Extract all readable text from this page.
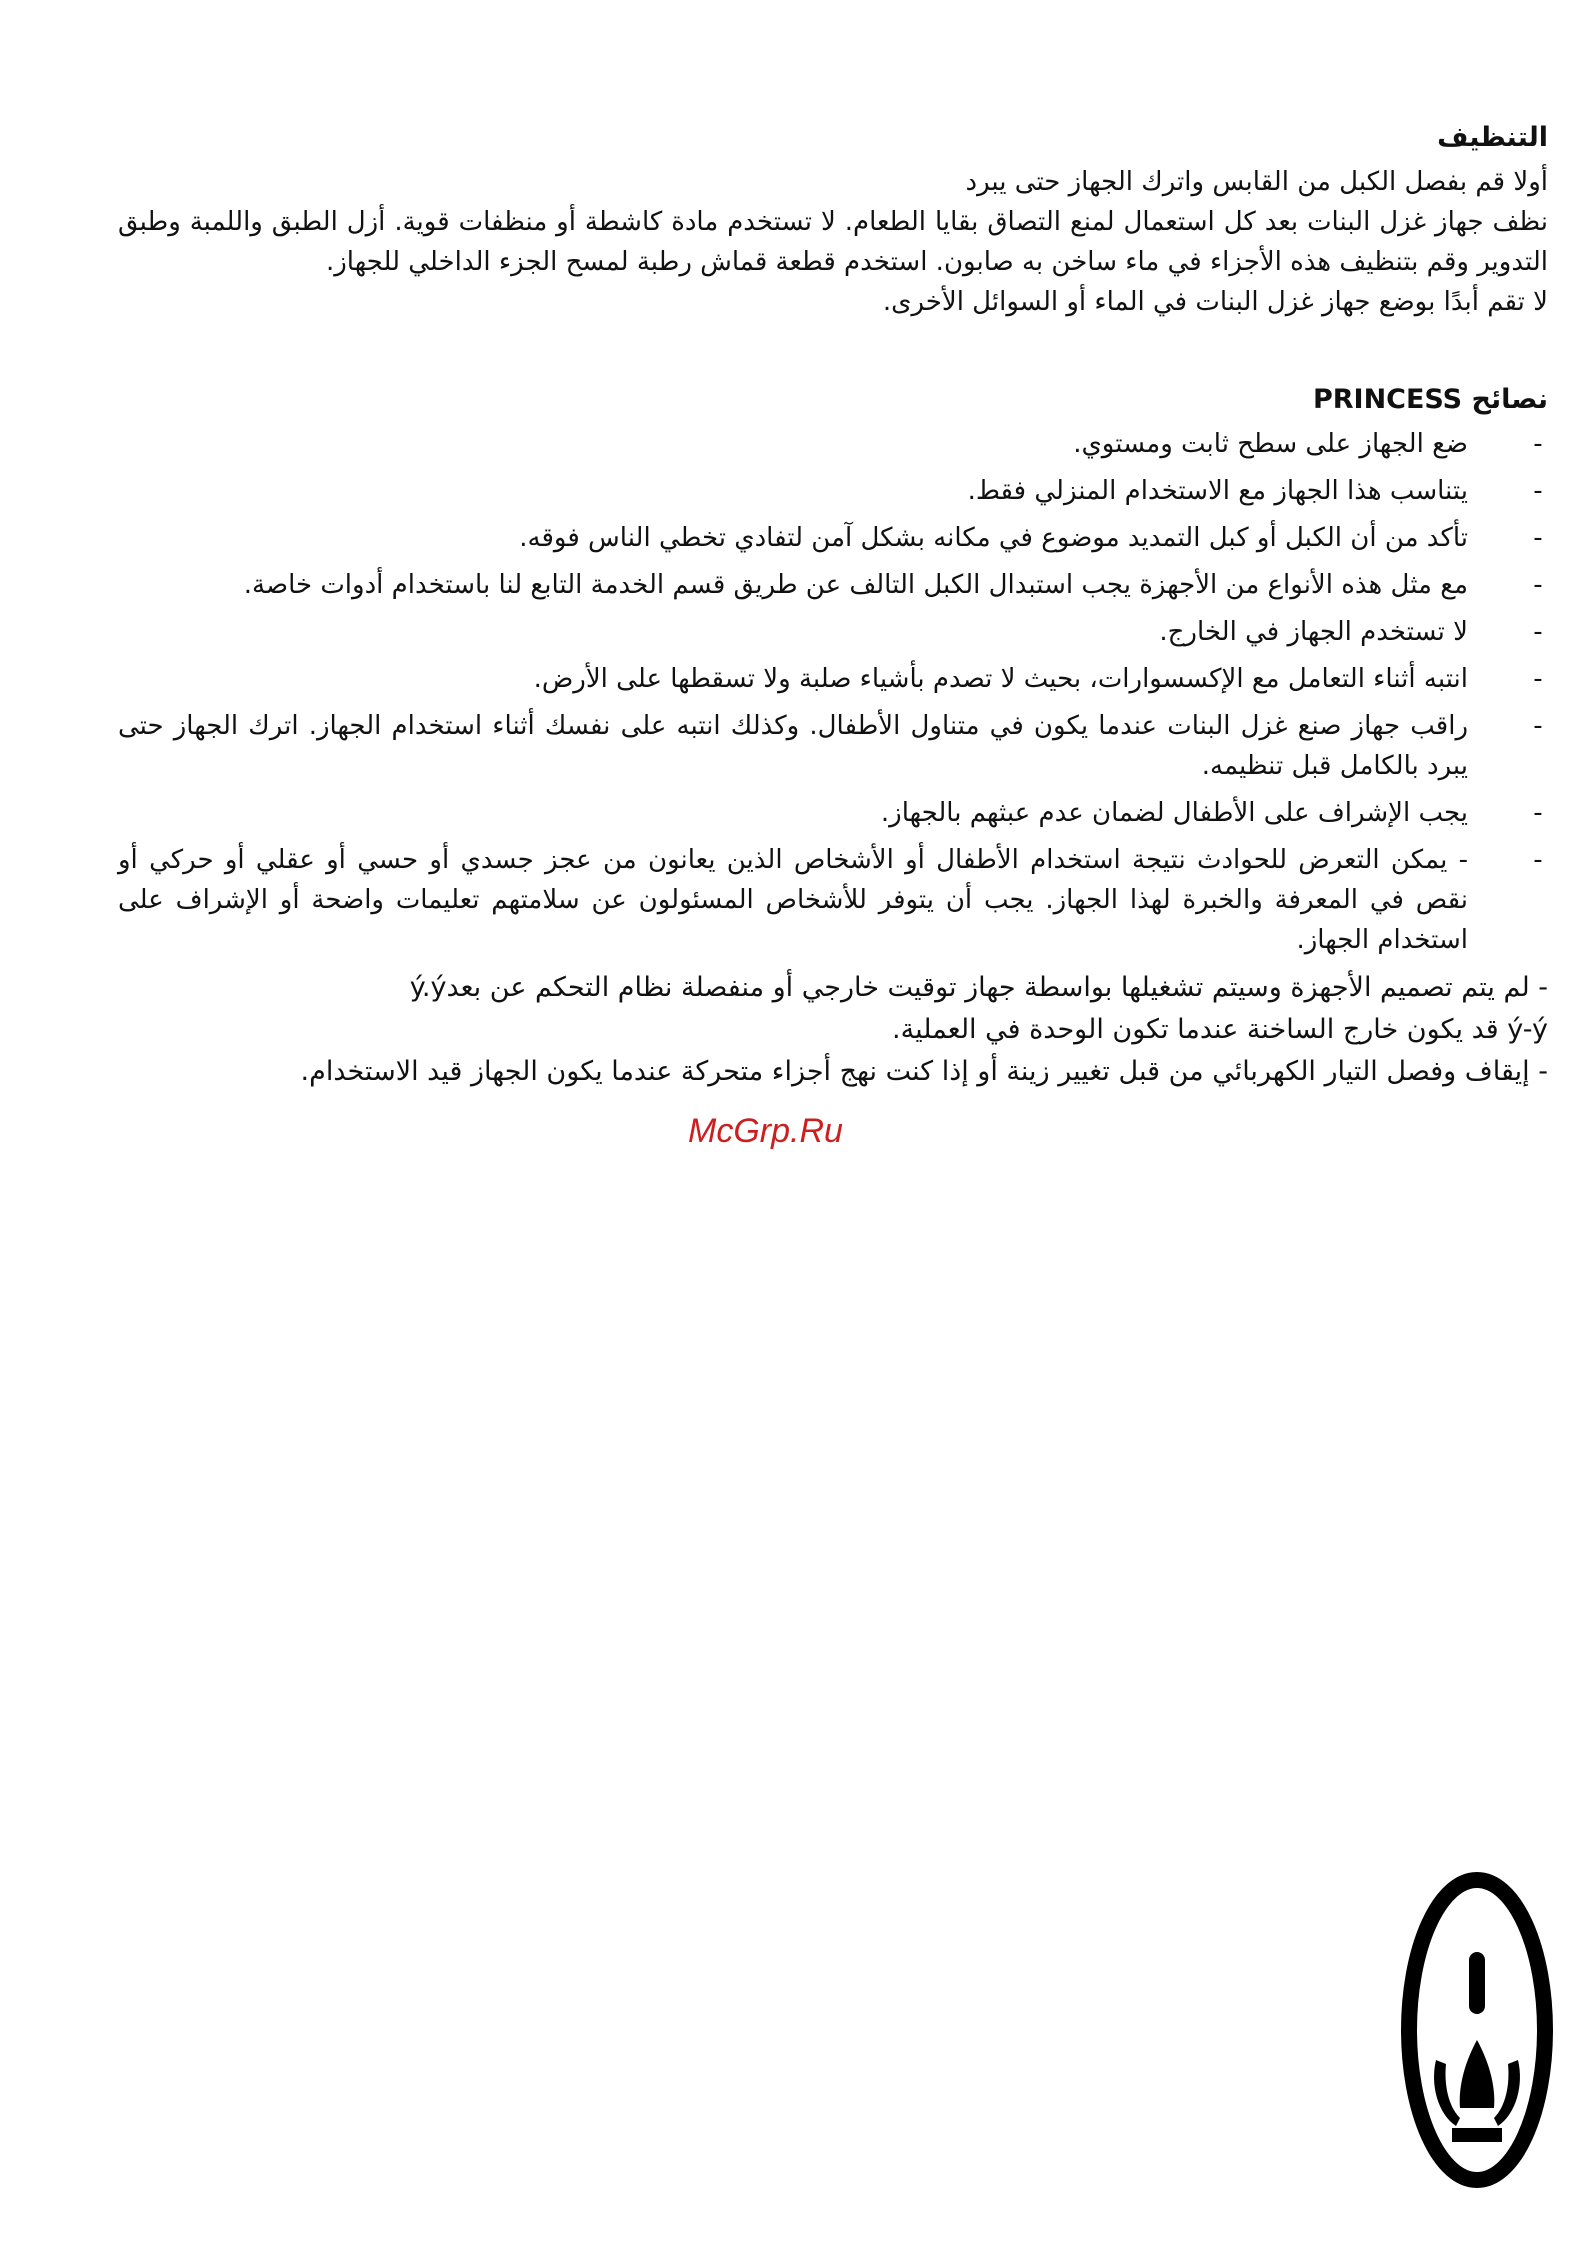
التنظيف

أولا قم بفصل الكبل من القابس واترك الجهاز حتى يبرد

نظف جهاز غزل البنات بعد كل استعمال لمنع التصاق بقايا الطعام. لا تستخدم مادة كاشطة أو منظفات قوية. أزل الطبق واللمبة وطبق التدوير وقم بتنظيف هذه الأجزاء في ماء ساخن به صابون. استخدم قطعة قماش رطبة لمسح الجزء الداخلي للجهاز.

لا تقم أبدًا بوضع جهاز غزل البنات في الماء أو السوائل الأخرى.

نصائح PRINCESS
-
ضع الجهاز على سطح ثابت ومستوي.
-
يتناسب هذا الجهاز مع الاستخدام المنزلي فقط.
-
تأكد من أن الكبل أو كبل التمديد موضوع في مكانه بشكل آمن لتفادي تخطي الناس فوقه.
-
مع مثل هذه الأنواع من الأجهزة يجب استبدال الكبل التالف عن طريق قسم الخدمة التابع لنا باستخدام أدوات خاصة.
-
لا تستخدم الجهاز في الخارج.
-
انتبه أثناء التعامل مع الإكسسوارات، بحيث لا تصدم بأشياء صلبة ولا تسقطها على الأرض.
-
راقب جهاز صنع غزل البنات عندما يكون في متناول الأطفال. وكذلك انتبه على نفسك أثناء استخدام الجهاز. اترك الجهاز حتى يبرد بالكامل قبل تنظيمه.
-
يجب الإشراف على الأطفال لضمان عدم عبثهم بالجهاز.
-
- يمكن التعرض للحوادث نتيجة استخدام الأطفال أو الأشخاص الذين يعانون من عجز جسدي أو حسي أو عقلي أو حركي أو نقص في المعرفة والخبرة لهذا الجهاز. يجب أن يتوفر للأشخاص المسئولون عن سلامتهم تعليمات واضحة أو الإشراف على استخدام الجهاز.

- لم يتم تصميم الأجهزة وسيتم تشغيلها بواسطة جهاز توقيت خارجي أو منفصلة نظام التحكم عن بعدý.ý

ý-ý قد يكون خارج الساخنة عندما تكون الوحدة في العملية.

- إيقاف وفصل التيار الكهربائي من قبل تغيير زينة أو إذا كنت نهج أجزاء متحركة عندما يكون الجهاز قيد الاستخدام.

McGrp.Ru
